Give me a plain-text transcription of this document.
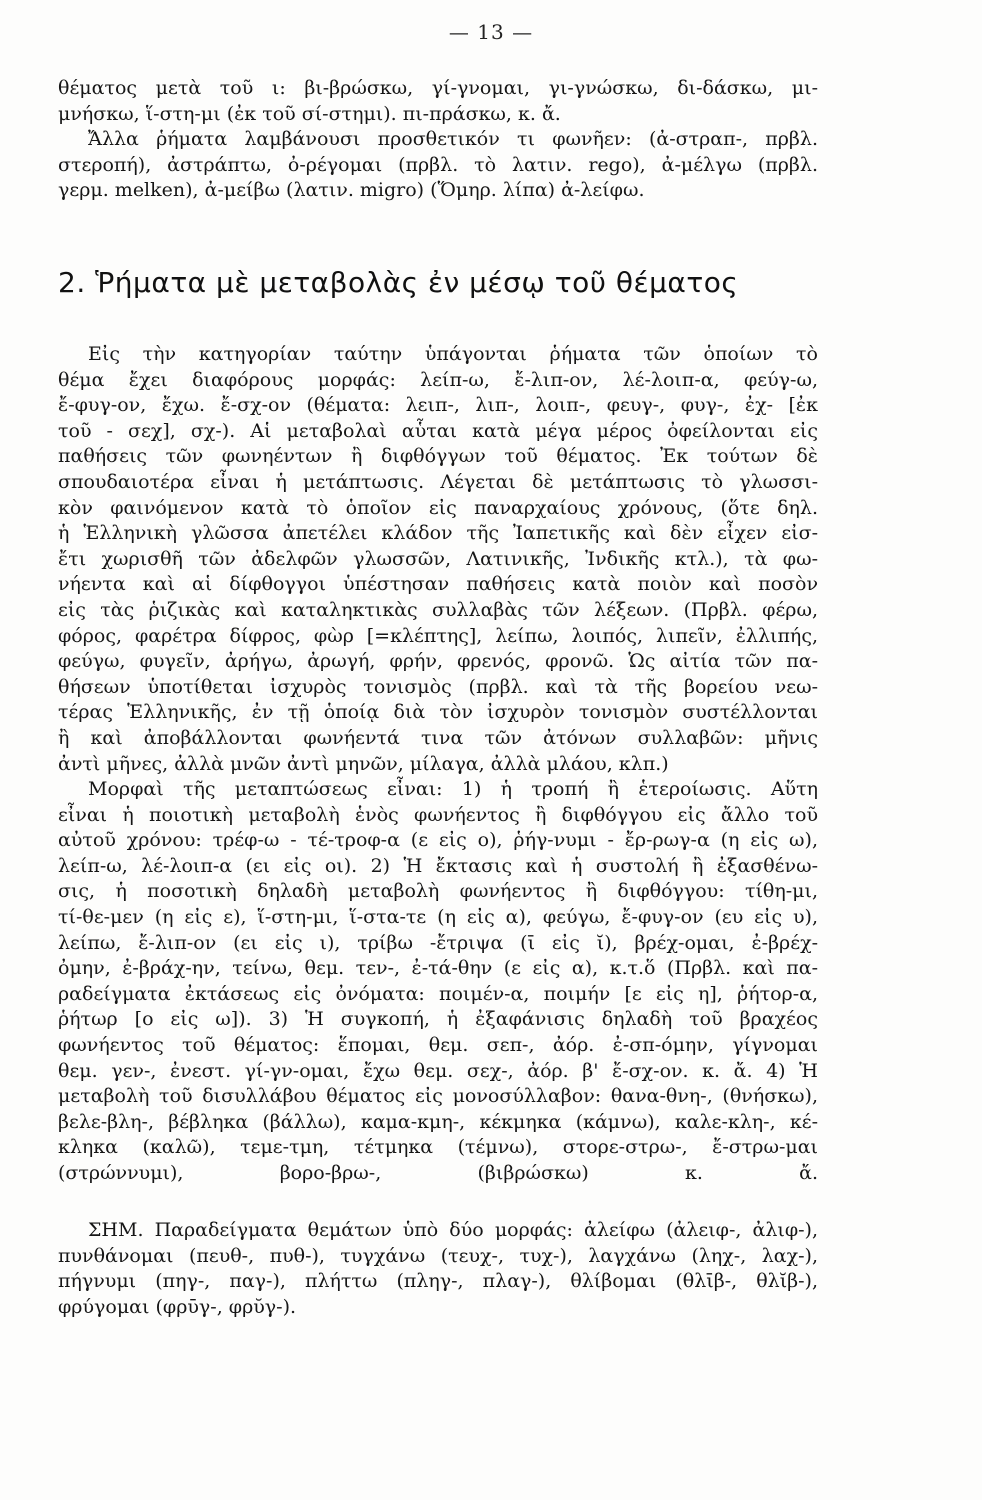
— 13 —
θέματος μετὰ τοῦ ι: βι-βρώσκω, γί-γνομαι, γι-γνώσκω, δι-δάσκω, μι-
μνήσκω, ἵ-στη-μι (ἐκ τοῦ σί-στημι). πι-πράσκω, κ. ἄ.
Ἄλλα ῥήματα λαμβάνουσι προσθετικόν τι φωνῆεν: (ἀ-στραπ-, πρβλ.
στεροπή), ἀστράπτω, ὀ-ρέγομαι (πρβλ. τὸ λατιν. rego), ἀ-μέλγω (πρβλ.
γερμ. melken), ἀ-μείβω (λατιν. migro) (Ὅμηρ. λίπα) ἀ-λείφω.
2. Ῥήματα μὲ μεταβολὰς ἐν μέσῳ τοῦ θέματος
Εἰς τὴν κατηγορίαν ταύτην ὑπάγονται ῥήματα τῶν ὁποίων τὸ
θέμα ἔχει διαφόρους μορφάς: λείπ-ω, ἔ-λιπ-ον, λέ-λοιπ-α, φεύγ-ω,
ἔ-φυγ-ον, ἔχω. ἔ-σχ-ον (θέματα: λειπ-, λιπ-, λοιπ-, φευγ-, φυγ-, ἐχ- [ἐκ
τοῦ - σεχ], σχ-). Αἱ μεταβολαὶ αὗται κατὰ μέγα μέρος ὀφείλονται εἰς
παθήσεις τῶν φωνηέντων ἢ διφθόγγων τοῦ θέματος. Ἐκ τούτων δὲ
σπουδαιοτέρα εἶναι ἡ μετάπτωσις. Λέγεται δὲ μετάπτωσις τὸ γλωσσι-
κὸν φαινόμενον κατὰ τὸ ὁποῖον εἰς παναρχαίους χρόνους, (ὅτε δηλ.
ἡ Ἑλληνικὴ γλῶσσα ἀπετέλει κλάδον τῆς Ἰαπετικῆς καὶ δὲν εἶχεν εἰσ-
ἔτι χωρισθῆ τῶν ἀδελφῶν γλωσσῶν, Λατινικῆς, Ἰνδικῆς κτλ.), τὰ φω-
νήεντα καὶ αἱ δίφθογγοι ὑπέστησαν παθήσεις κατὰ ποιὸν καὶ ποσὸν
εἰς τὰς ῥιζικὰς καὶ καταληκτικὰς συλλαβὰς τῶν λέξεων. (Πρβλ. φέρω,
φόρος, φαρέτρα δίφρος, φὼρ [=κλέπτης], λείπω, λοιπός, λιπεῖν, ἐλλιπής,
φεύγω, φυγεῖν, ἀρήγω, ἀρωγή, φρήν, φρενός, φρονῶ. Ὡς αἰτία τῶν πα-
θήσεων ὑποτίθεται ἰσχυρὸς τονισμὸς (πρβλ. καὶ τὰ τῆς βορείου νεω-
τέρας Ἑλληνικῆς, ἐν τῇ ὁποίᾳ διὰ τὸν ἰσχυρὸν τονισμὸν συστέλλονται
ἢ καὶ ἀποβάλλονται φωνήεντά τινα τῶν ἀτόνων συλλαβῶν: μῆνις
ἀντὶ μῆνες, ἀλλὰ μνῶν ἀντὶ μηνῶν, μίλαγα, ἀλλὰ μλάου, κλπ.)
Μορφαὶ τῆς μεταπτώσεως εἶναι: 1) ἡ τροπή ἢ ἑτεροίωσις. Αὕτη
εἶναι ἡ ποιοτικὴ μεταβολὴ ἑνὸς φωνήεντος ἢ διφθόγγου εἰς ἄλλο τοῦ
αὐτοῦ χρόνου: τρέφ-ω - τέ-τροφ-α (ε εἰς ο), ῥήγ-νυμι - ἔρ-ρωγ-α (η εἰς ω),
λείπ-ω, λέ-λοιπ-α (ει εἰς οι). 2) Ἡ ἔκτασις καὶ ἡ συστολή ἢ ἐξασθένω-
σις, ἡ ποσοτικὴ δηλαδὴ μεταβολὴ φωνήεντος ἢ διφθόγγου: τίθη-μι,
τί-θε-μεν (η εἰς ε), ἵ-στη-μι, ἵ-στα-τε (η εἰς α), φεύγω, ἔ-φυγ-ον (ευ εἰς υ),
λείπω, ἔ-λιπ-ον (ει εἰς ι), τρίβω -ἔτριψα (ῑ εἰς ῐ), βρέχ-ομαι, ἐ-βρέχ-
ὀμην, ἐ-βράχ-ην, τείνω, θεμ. τεν-, ἐ-τά-θην (ε εἰς α), κ.τ.ὅ (Πρβλ. καὶ πα-
ραδείγματα ἐκτάσεως εἰς ὀνόματα: ποιμέν-α, ποιμήν [ε εἰς η], ῥήτορ-α,
ῥήτωρ [ο εἰς ω]). 3) Ἡ συγκοπή, ἡ ἐξαφάνισις δηλαδὴ τοῦ βραχέος
φωνήεντος τοῦ θέματος: ἕπομαι, θεμ. σεπ-, ἀόρ. ἐ-σπ-όμην, γίγνομαι
θεμ. γεν-, ἐνεστ. γί-γν-ομαι, ἔχω θεμ. σεχ-, ἀόρ. β' ἔ-σχ-ον. κ. ἄ. 4) Ἡ
μεταβολὴ τοῦ δισυλλάβου θέματος εἰς μονοσύλλαβον: θανα-θνη-, (θνήσκω),
βελε-βλη-, βέβληκα (βάλλω), καμα-κμη-, κέκμηκα (κάμνω), καλε-κλη-, κέ-
κληκα (καλῶ), τεμε-τμη, τέτμηκα (τέμνω), στορε-στρω-, ἔ-στρω-μαι
(στρώννυμι), βορο-βρω-, (βιβρώσκω) κ. ἄ.
ΣΗΜ. Παραδείγματα θεμάτων ὑπὸ δύο μορφάς: ἀλείφω (ἀλειφ-, ἀλιφ-),
πυνθάνομαι (πευθ-, πυθ-), τυγχάνω (τευχ-, τυχ-), λαγχάνω (ληχ-, λαχ-),
πήγνυμι (πηγ-, παγ-), πλήττω (πληγ-, πλαγ-), θλίβομαι (θλῑβ-, θλῐβ-),
φρύγομαι (φρῡγ-, φρῠγ-).
